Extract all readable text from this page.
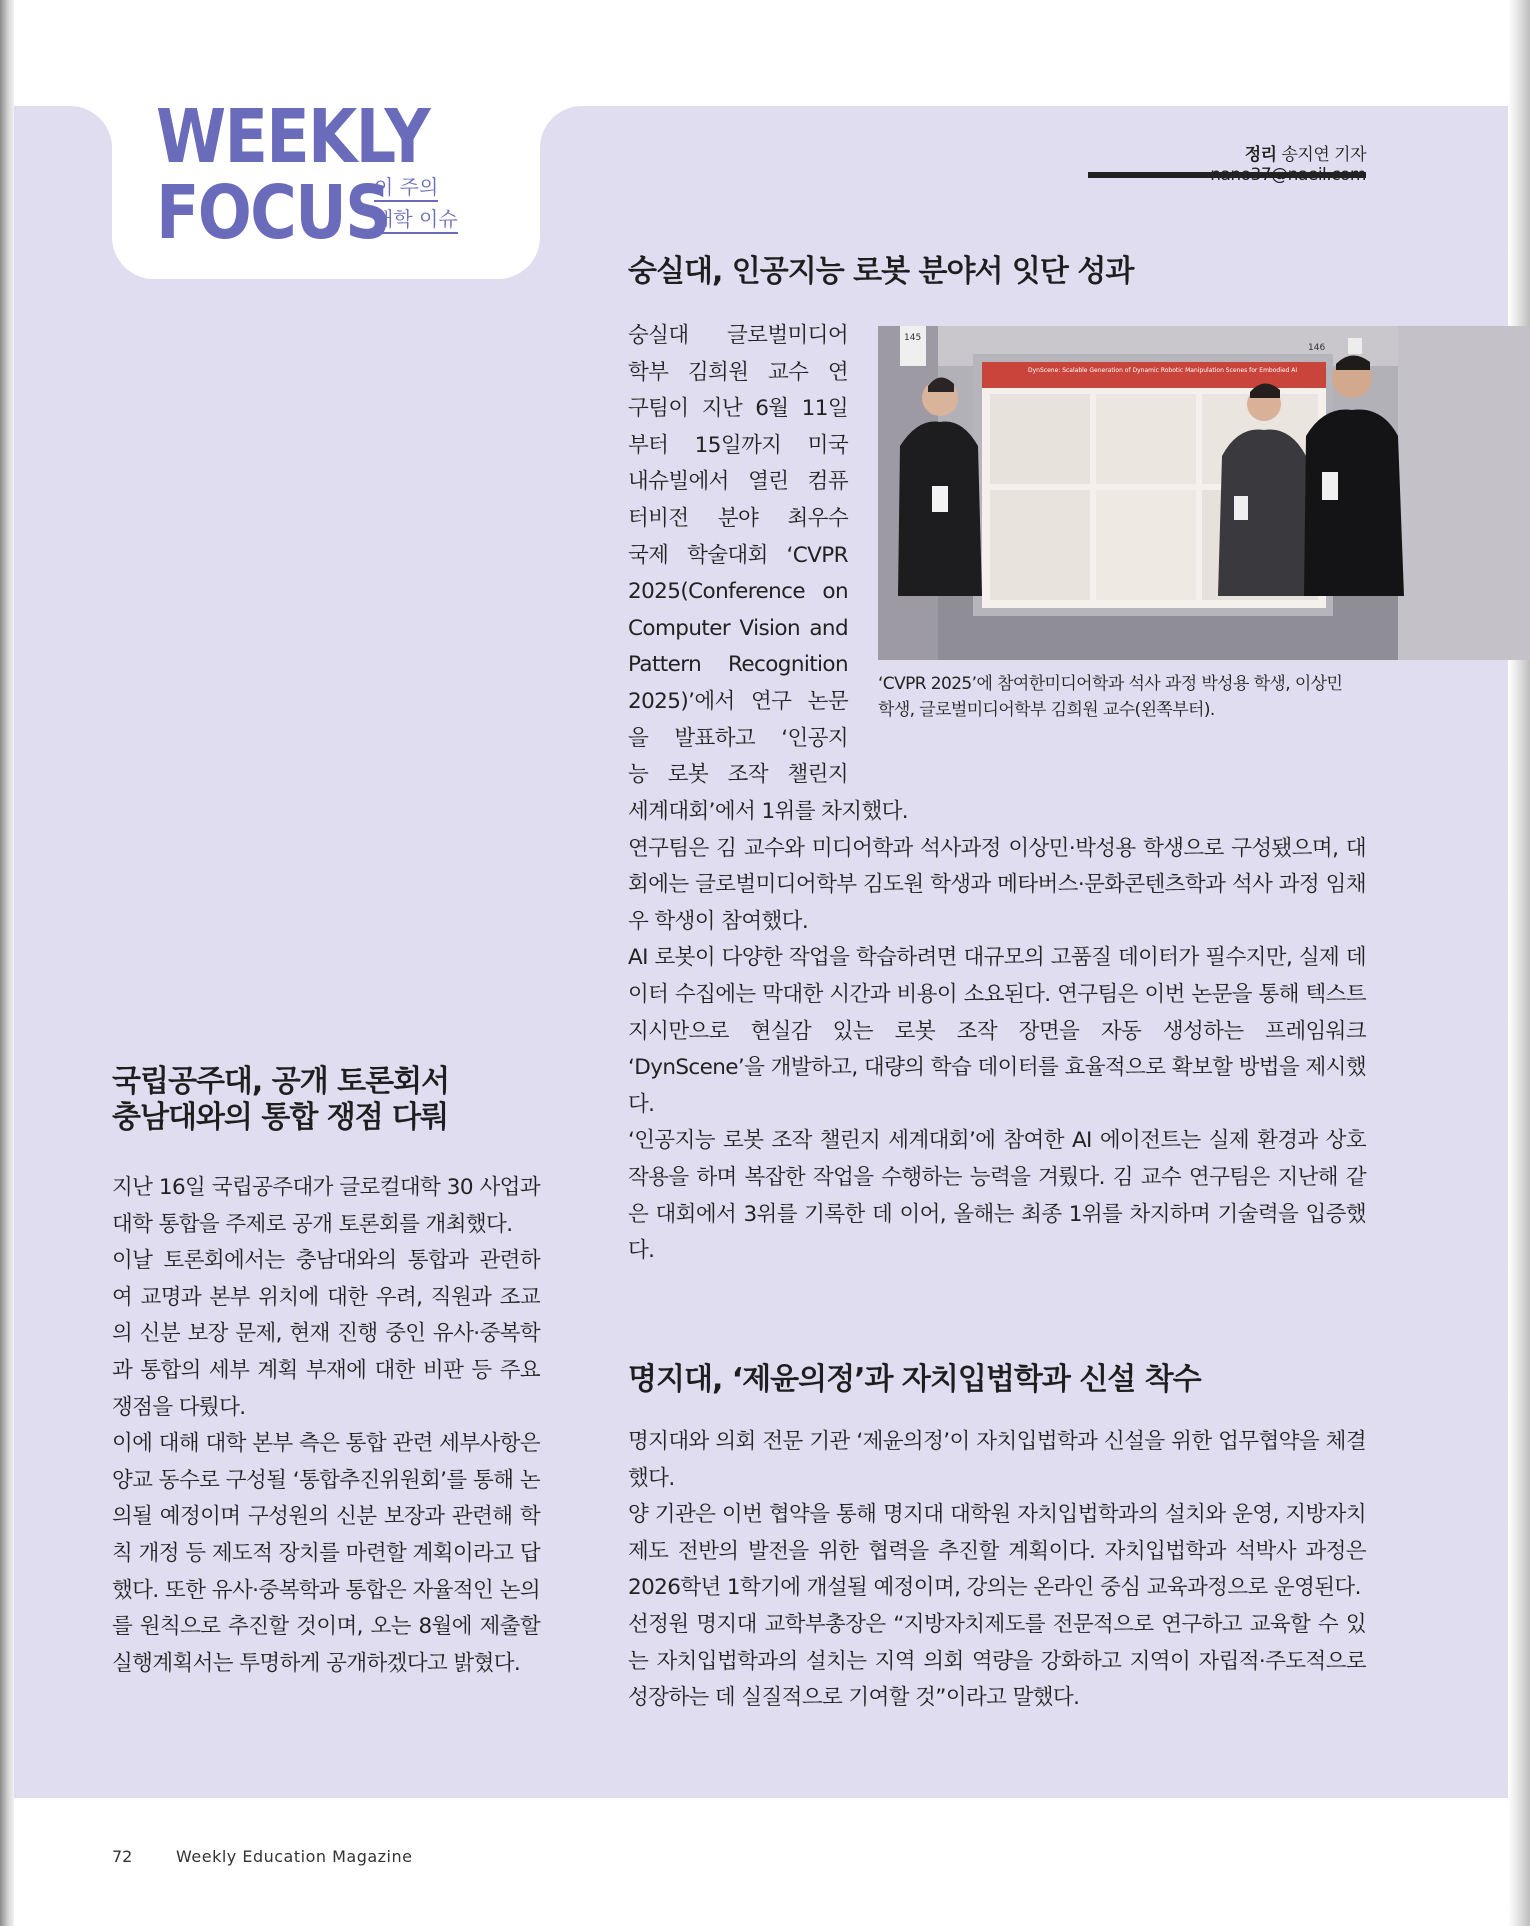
WEEKLY
FOCUS
이 주의
대학 이슈
정리 송지연 기자
숭실대, 인공지능 로봇 분야서 잇단 성과

숭실대 글로벌미디어

학부 김희원 교수 연

구팀이 지난 6월 11일

부터 15일까지 미국

내슈빌에서 열린 컴퓨

터비전 분야 최우수

국제 학술대회 ‘CVPR

2025(Conference on

Computer Vision and

Pattern Recognition

2025)’에서 연구 논문

을 발표하고 ‘인공지

능 로봇 조작 챌린지

145
DynScene: Scalable Generation of Dynamic Robotic Manipulation Scenes for Embodied AI
146
‘CVPR 2025’에 참여한미디어학과 석사 과정 박성용 학생, 이상민 학생, 글로벌미디어학부 김희원 교수(왼쪽부터).

세계대회’에서 1위를 차지했다.

연구팀은 김 교수와 미디어학과 석사과정 이상민·박성용 학생으로 구성됐으며, 대회에는 글로벌미디어학부 김도원 학생과 메타버스·문화콘텐츠학과 석사 과정 임채우 학생이 참여했다.

AI 로봇이 다양한 작업을 학습하려면 대규모의 고품질 데이터가 필수지만, 실제 데이터 수집에는 막대한 시간과 비용이 소요된다. 연구팀은 이번 논문을 통해 텍스트 지시만으로 현실감 있는 로봇 조작 장면을 자동 생성하는 프레임워크 ‘DynScene’을 개발하고, 대량의 학습 데이터를 효율적으로 확보할 방법을 제시했다.

‘인공지능 로봇 조작 챌린지 세계대회’에 참여한 AI 에이전트는 실제 환경과 상호작용을 하며 복잡한 작업을 수행하는 능력을 겨뤘다. 김 교수 연구팀은 지난해 같은 대회에서 3위를 기록한 데 이어, 올해는 최종 1위를 차지하며 기술력을 입증했다.

국립공주대, 공개 토론회서
충남대와의 통합 쟁점 다뤄

지난 16일 국립공주대가 글로컬대학 30 사업과 대학 통합을 주제로 공개 토론회를 개최했다.

이날 토론회에서는 충남대와의 통합과 관련하여 교명과 본부 위치에 대한 우려, 직원과 조교의 신분 보장 문제, 현재 진행 중인 유사·중복학과 통합의 세부 계획 부재에 대한 비판 등 주요 쟁점을 다뤘다.

이에 대해 대학 본부 측은 통합 관련 세부사항은 양교 동수로 구성될 ‘통합추진위원회’를 통해 논의될 예정이며 구성원의 신분 보장과 관련해 학칙 개정 등 제도적 장치를 마련할 계획이라고 답했다. 또한 유사·중복학과 통합은 자율적인 논의를 원칙으로 추진할 것이며, 오는 8월에 제출할 실행계획서는 투명하게 공개하겠다고 밝혔다.

명지대, ‘제윤의정’과 자치입법학과 신설 착수

명지대와 의회 전문 기관 ‘제윤의정’이 자치입법학과 신설을 위한 업무협약을 체결했다.

양 기관은 이번 협약을 통해 명지대 대학원 자치입법학과의 설치와 운영, 지방자치제도 전반의 발전을 위한 협력을 추진할 계획이다. 자치입법학과 석박사 과정은 2026학년 1학기에 개설될 예정이며, 강의는 온라인 중심 교육과정으로 운영된다.

선정원 명지대 교학부총장은 “지방자치제도를 전문적으로 연구하고 교육할 수 있는 자치입법학과의 설치는 지역 의회 역량을 강화하고 지역이 자립적·주도적으로 성장하는 데 실질적으로 기여할 것”이라고 말했다.

72	Weekly Education Magazine
